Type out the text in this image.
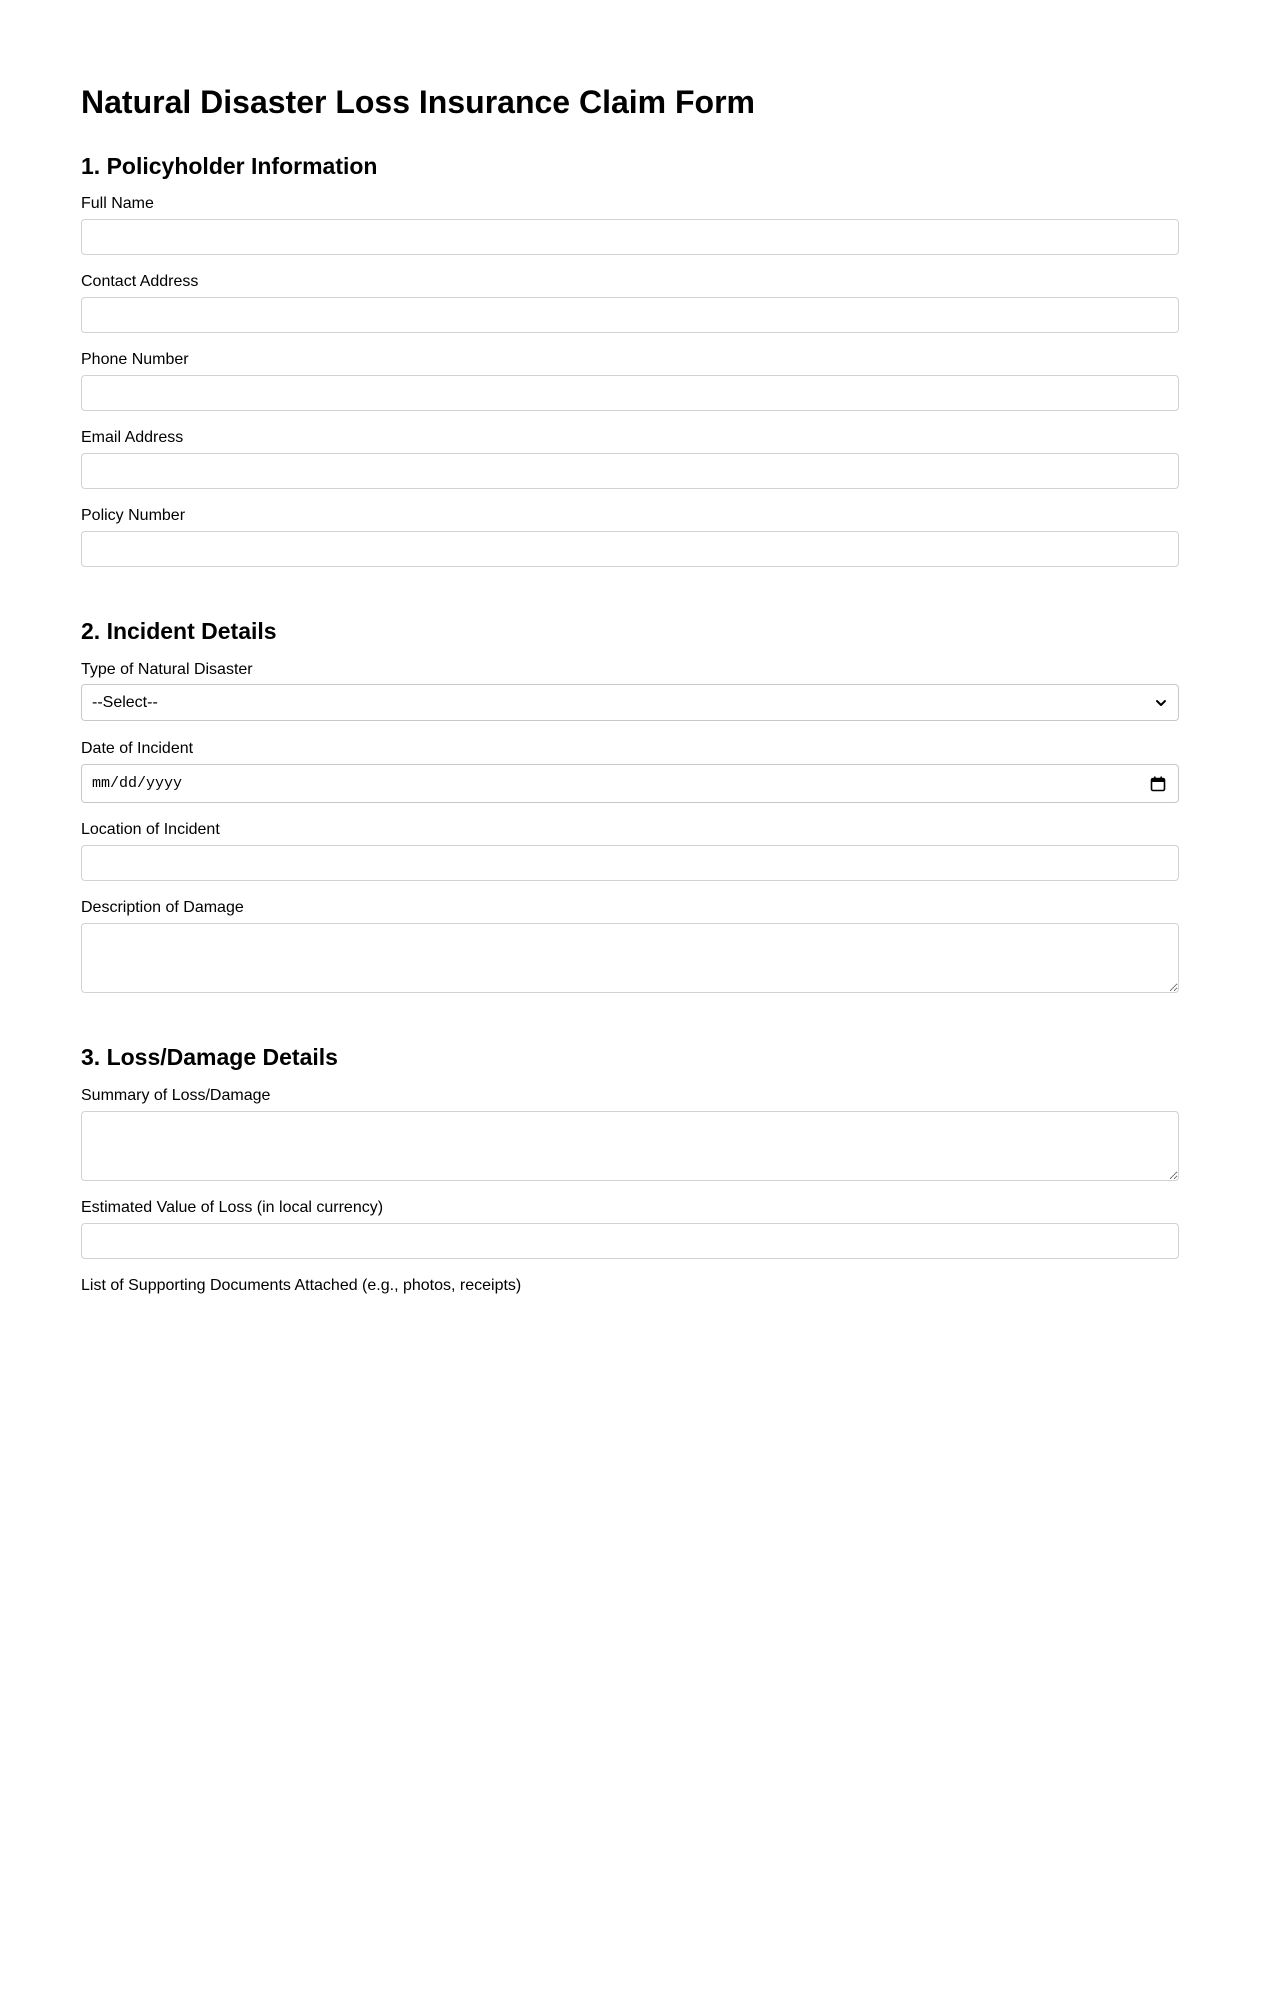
Natural Disaster Loss Insurance Claim Form
1. Policyholder Information
Full Name
Contact Address
Phone Number
Email Address
Policy Number
2. Incident Details
Type of Natural Disaster
--Select--
Date of Incident
mm/dd/yyyy
Location of Incident
Description of Damage
3. Loss/Damage Details
Summary of Loss/Damage
Estimated Value of Loss (in local currency)
List of Supporting Documents Attached (e.g., photos, receipts)
